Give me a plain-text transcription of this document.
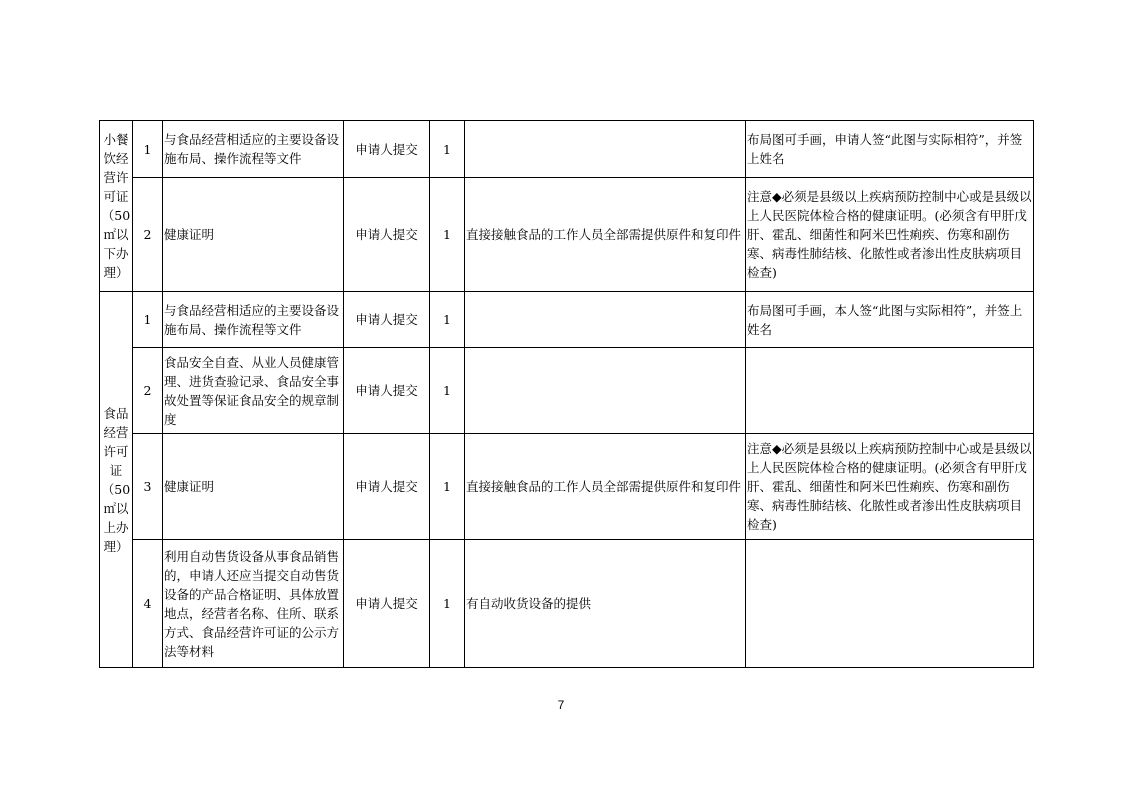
小餐饮经营许可证（50㎡以下办理）	1	与食品经营相适应的主要设备设施布局、操作流程等文件	申请人提交	1		布局图可手画，申请人签“此图与实际相符”，并签上姓名
	2	健康证明	申请人提交	1	直接接触食品的工作人员全部需提供原件和复印件	注意◆必须是县级以上疾病预防控制中心或是县级以上人民医院体检合格的健康证明。(必须含有甲肝戊肝、霍乱、细菌性和阿米巴性痢疾、伤寒和副伤寒、病毒性肺结核、化脓性或者渗出性皮肤病项目检查)
食品经营许可证（50㎡以上办理）	1	与食品经营相适应的主要设备设施布局、操作流程等文件	申请人提交	1		布局图可手画，本人签“此图与实际相符”，并签上姓名
	2	食品安全自查、从业人员健康管理、进货查验记录、食品安全事故处置等保证食品安全的规章制度	申请人提交	1		
	3	健康证明	申请人提交	1	直接接触食品的工作人员全部需提供原件和复印件	注意◆必须是县级以上疾病预防控制中心或是县级以上人民医院体检合格的健康证明。(必须含有甲肝戊肝、霍乱、细菌性和阿米巴性痢疾、伤寒和副伤寒、病毒性肺结核、化脓性或者渗出性皮肤病项目检查)
	4	利用自动售货设备从事食品销售的，申请人还应当提交自动售货设备的产品合格证明、具体放置地点，经营者名称、住所、联系方式、食品经营许可证的公示方法等材料	申请人提交	1	有自动收货设备的提供	
7
